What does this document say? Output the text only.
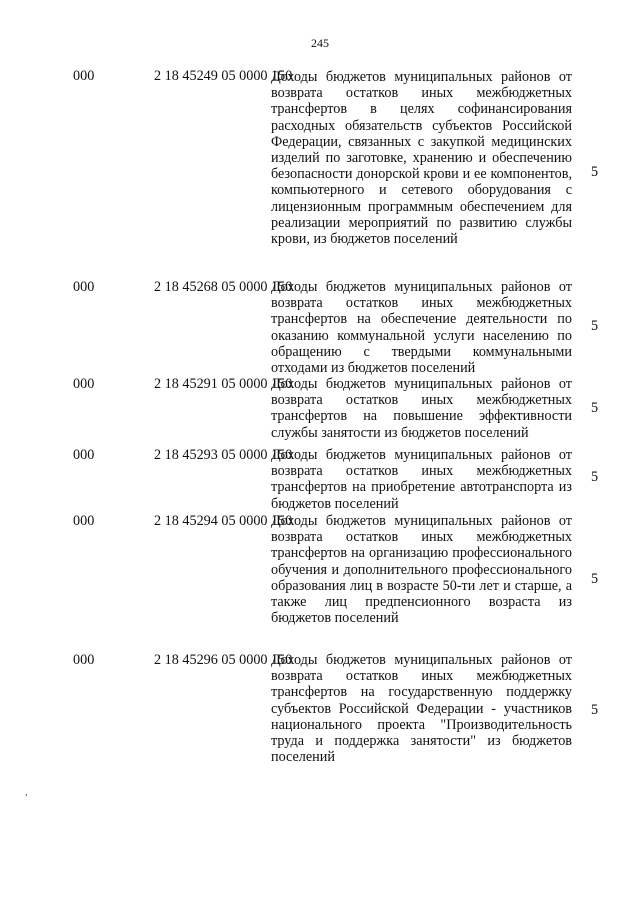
245
000	2 18 45249 05 0000 150
Доходы бюджетов муниципальных районов от возврата остатков иных межбюджетных трансфертов в целях софинансирования расходных обязательств субъектов Российской Федерации, связанных с закупкой медицинских изделий по заготовке, хранению и обеспечению безопасности донорской крови и ее компонентов, компьютерного и сетевого оборудования с лицензионным программным обеспечением для реализации мероприятий по развитию службы крови, из бюджетов поселений
5
000	2 18 45268 05 0000 150
Доходы бюджетов муниципальных районов от возврата остатков иных межбюджетных трансфертов на обеспечение деятельности по оказанию коммунальной услуги населению по обращению с твердыми коммунальными отходами из бюджетов поселений
5
000	2 18 45291 05 0000 150
Доходы бюджетов муниципальных районов от возврата остатков иных межбюджетных трансфертов на повышение эффективности службы занятости из бюджетов поселений
5
000	2 18 45293 05 0000 150
Доходы бюджетов муниципальных районов от возврата остатков иных межбюджетных трансфертов на приобретение автотранспорта из бюджетов поселений
5
000	2 18 45294 05 0000 150
Доходы бюджетов муниципальных районов от возврата остатков иных межбюджетных трансфертов на организацию профессионального обучения и дополнительного профессионального образования лиц в возрасте 50-ти лет и старше, а также лиц предпенсионного возраста из бюджетов поселений
5
000	2 18 45296 05 0000 150
Доходы бюджетов муниципальных районов от возврата остатков иных межбюджетных трансфертов на государственную поддержку субъектов Российской Федерации - участников национального проекта "Производительность труда и поддержка занятости" из бюджетов поселений
5
,
